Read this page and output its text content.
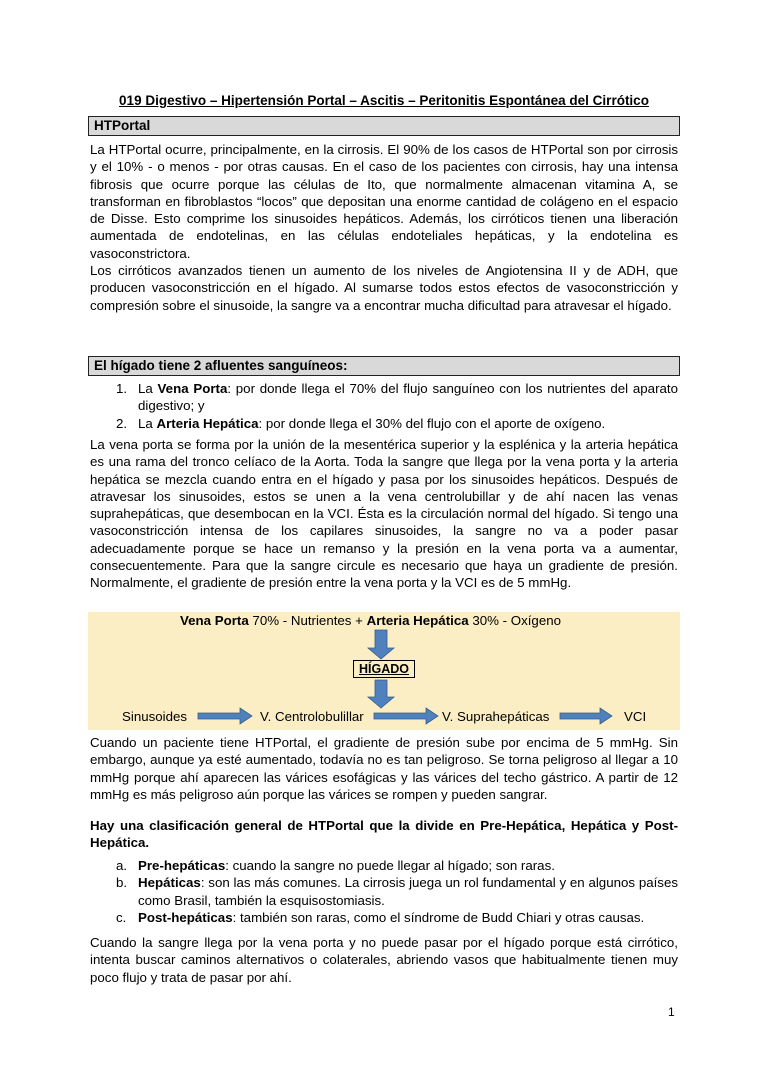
019 Digestivo – Hipertensión Portal – Ascitis – Peritonitis Espontánea del Cirrótico
HTPortal

La HTPortal ocurre, principalmente, en la cirrosis. El 90% de los casos de HTPortal son por cirrosis y el 10% - o menos - por otras causas. En el caso de los pacientes con cirrosis, hay una intensa fibrosis que ocurre porque las células de Ito, que normalmente almacenan vitamina A, se transforman en fibroblastos “locos” que depositan una enorme cantidad de colágeno en el espacio de Disse. Esto comprime los sinusoides hepáticos. Además, los cirróticos tienen una liberación aumentada de endotelinas, en las células endoteliales hepáticas, y la endotelina es vasoconstrictora.

Los cirróticos avanzados tienen un aumento de los niveles de Angiotensina II y de ADH, que producen vasoconstricción en el hígado. Al sumarse todos estos efectos de vasoconstricción y compresión sobre el sinusoide, la sangre va a encontrar mucha dificultad para atravesar el hígado.

El hígado tiene 2 afluentes sanguíneos:
1. La Vena Porta: por donde llega el 70% del flujo sanguíneo con los nutrientes del aparato digestivo; y
2. La Arteria Hepática: por donde llega el 30% del flujo con el aporte de oxígeno.

La vena porta se forma por la unión de la mesentérica superior y la esplénica y la arteria hepática es una rama del tronco celíaco de la Aorta. Toda la sangre que llega por la vena porta y la arteria hepática se mezcla cuando entra en el hígado y pasa por los sinusoides hepáticos. Después de atravesar los sinusoides, estos se unen a la vena centrolubillar y de ahí nacen las venas suprahepáticas, que desembocan en la VCI. Ésta es la circulación normal del hígado. Si tengo una vasoconstricción intensa de los capilares sinusoides, la sangre no va a poder pasar adecuadamente porque se hace un remanso y la presión en la vena porta va a aumentar, consecuentemente. Para que la sangre circule es necesario que haya un gradiente de presión. Normalmente, el gradiente de presión entre la vena porta y la VCI es de 5 mmHg.

Vena Porta 70% - Nutrientes + Arteria Hepática 30% - Oxígeno
HÍGADO
Sinusoides	V. Centrolobulillar	V. Suprahepáticas	VCI

Cuando un paciente tiene HTPortal, el gradiente de presión sube por encima de 5 mmHg. Sin embargo, aunque ya esté aumentado, todavía no es tan peligroso. Se torna peligroso al llegar a 10 mmHg porque ahí aparecen las várices esofágicas y las várices del techo gástrico. A partir de 12 mmHg es más peligroso aún porque las várices se rompen y pueden sangrar.

Hay una clasificación general de HTPortal que la divide en Pre-Hepática, Hepática y Post-Hepática.

a. Pre-hepáticas: cuando la sangre no puede llegar al hígado; son raras.
b. Hepáticas: son las más comunes. La cirrosis juega un rol fundamental y en algunos países como Brasil, también la esquisostomiasis.
c. Post-hepáticas: también son raras, como el síndrome de Budd Chiari y otras causas.

Cuando la sangre llega por la vena porta y no puede pasar por el hígado porque está cirrótico, intenta buscar caminos alternativos o colaterales, abriendo vasos que habitualmente tienen muy poco flujo y trata de pasar por ahí.

1
